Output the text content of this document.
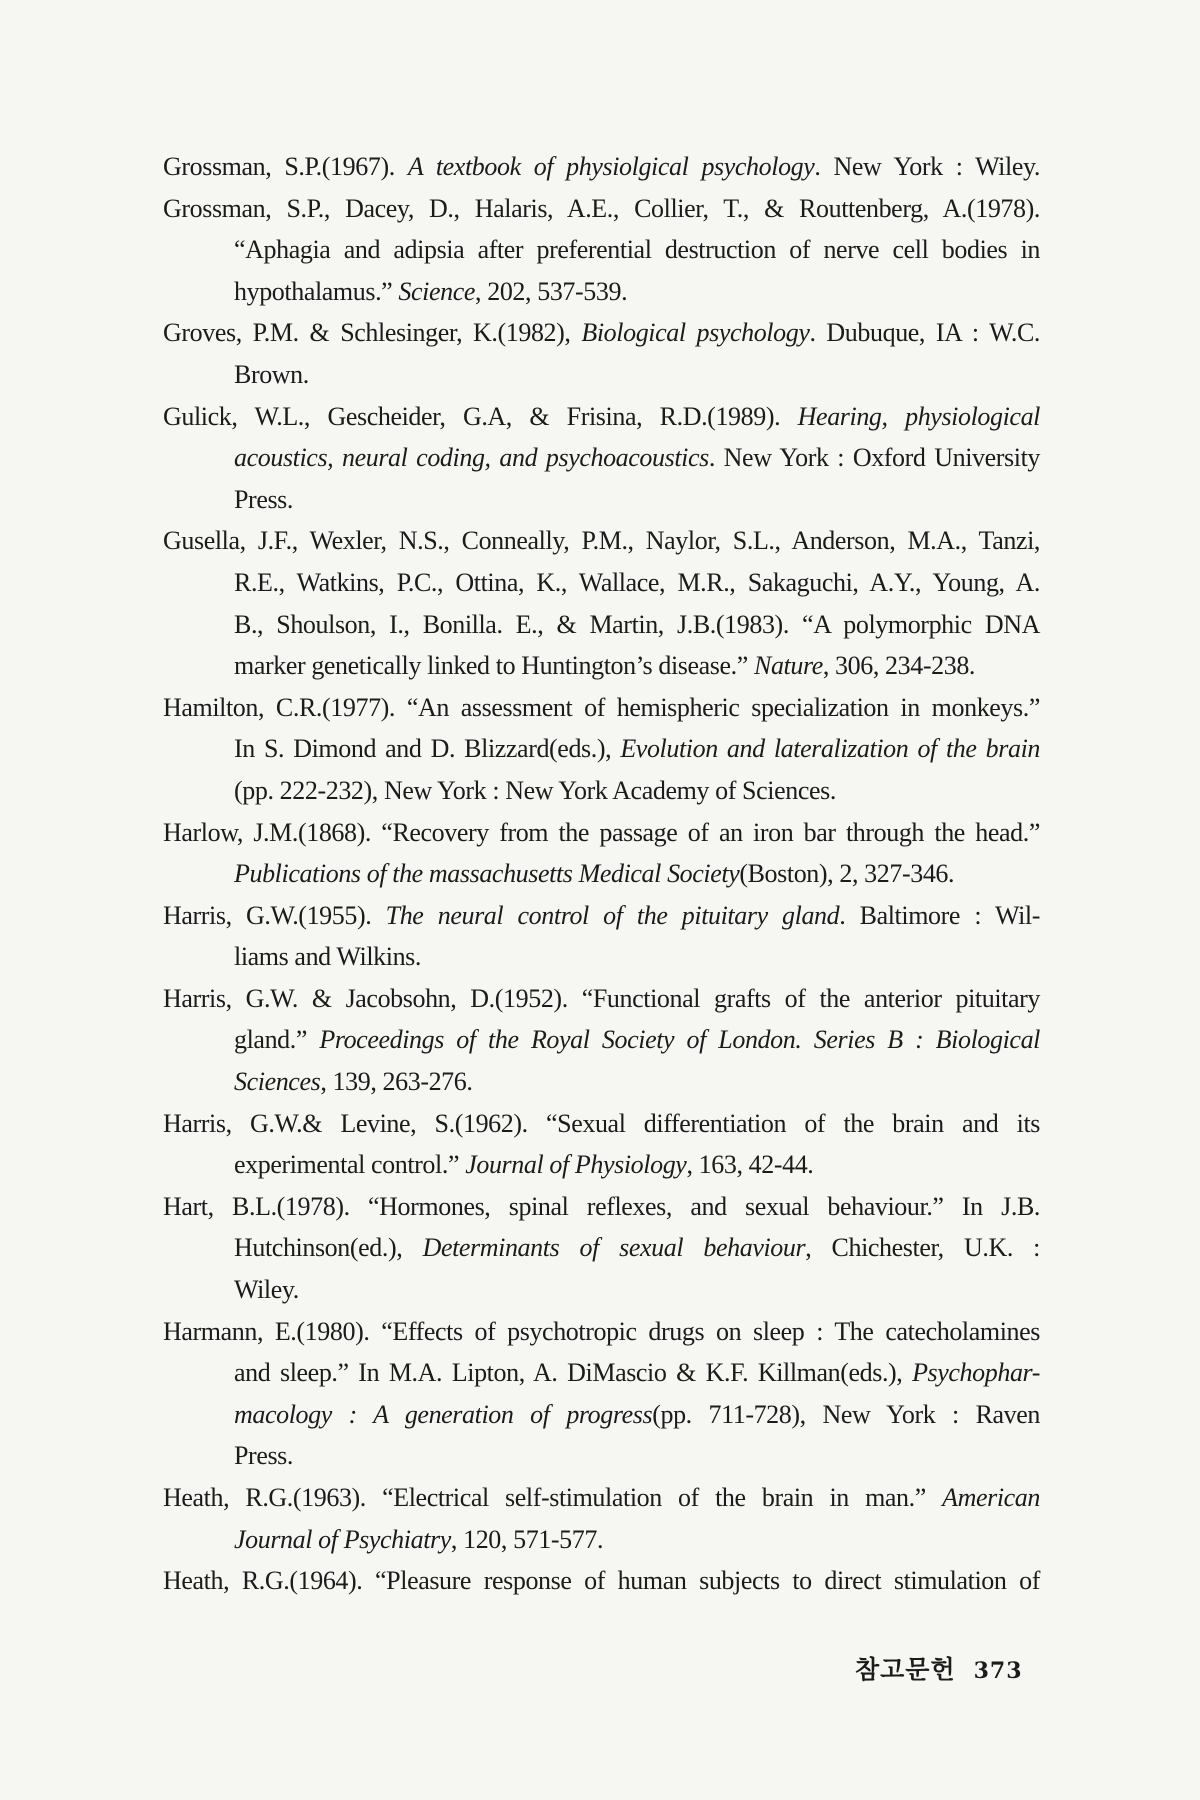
Grossman, S.P.(1967). A textbook of physiolgical psychology. New York : Wiley.
Grossman, S.P., Dacey, D., Halaris, A.E., Collier, T., & Routtenberg, A.(1978).
“Aphagia and adipsia after preferential destruction of nerve cell bodies in
hypothalamus.” Science, 202, 537-539.
Groves, P.M. & Schlesinger, K.(1982), Biological psychology. Dubuque, IA : W.C.
Brown.
Gulick, W.L., Gescheider, G.A, & Frisina, R.D.(1989). Hearing, physiological
acoustics, neural coding, and psychoacoustics. New York : Oxford University
Press.
Gusella, J.F., Wexler, N.S., Conneally, P.M., Naylor, S.L., Anderson, M.A., Tanzi,
R.E., Watkins, P.C., Ottina, K., Wallace, M.R., Sakaguchi, A.Y., Young, A.
B., Shoulson, I., Bonilla. E., & Martin, J.B.(1983). “A polymorphic DNA
marker genetically linked to Huntington’s disease.” Nature, 306, 234-238.
Hamilton, C.R.(1977). “An assessment of hemispheric specialization in monkeys.”
In S. Dimond and D. Blizzard(eds.), Evolution and lateralization of the brain
(pp. 222-232), New York : New York Academy of Sciences.
Harlow, J.M.(1868). “Recovery from the passage of an iron bar through the head.”
Publications of the massachusetts Medical Society(Boston), 2, 327-346.
Harris, G.W.(1955). The neural control of the pituitary gland. Baltimore : Wil-
liams and Wilkins.
Harris, G.W. & Jacobsohn, D.(1952). “Functional grafts of the anterior pituitary
gland.” Proceedings of the Royal Society of London. Series B : Biological
Sciences, 139, 263-276.
Harris, G.W.& Levine, S.(1962). “Sexual differentiation of the brain and its
experimental control.” Journal of Physiology, 163, 42-44.
Hart, B.L.(1978). “Hormones, spinal reflexes, and sexual behaviour.” In J.B.
Hutchinson(ed.), Determinants of sexual behaviour, Chichester, U.K. :
Wiley.
Harmann, E.(1980). “Effects of psychotropic drugs on sleep : The catecholamines
and sleep.” In M.A. Lipton, A. DiMascio & K.F. Killman(eds.), Psychophar-
macology : A generation of progress(pp. 711-728), New York : Raven
Press.
Heath, R.G.(1963). “Electrical self-stimulation of the brain in man.” American
Journal of Psychiatry, 120, 571-577.
Heath, R.G.(1964). “Pleasure response of human subjects to direct stimulation of
참고문헌 373
